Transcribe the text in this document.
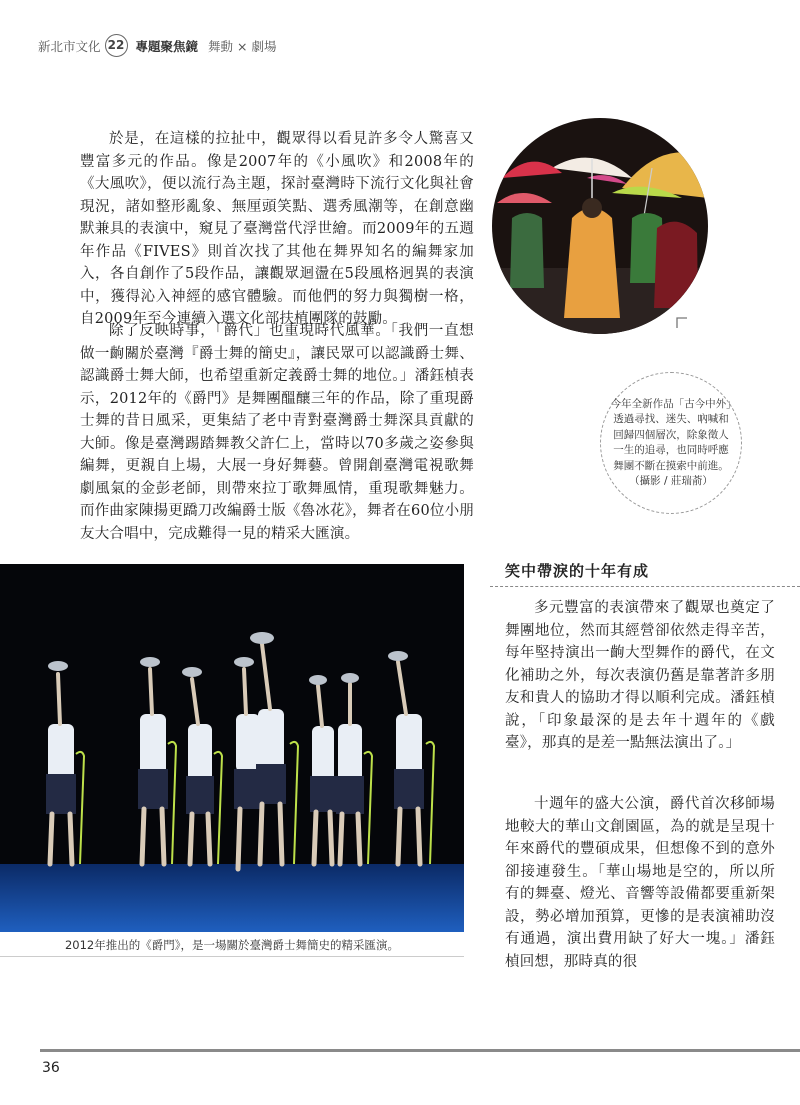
新北市文化 22 專題聚焦鏡 舞動 × 劇場

於是，在這樣的拉扯中，觀眾得以看見許多令人驚喜又豐富多元的作品。像是2007年的《小風吹》和2008年的《大風吹》，便以流行為主題，探討臺灣時下流行文化與社會現況，諸如整形亂象、無厘頭笑點、選秀風潮等，在創意幽默兼具的表演中，窺見了臺灣當代浮世繪。而2009年的五週年作品《FIVES》則首次找了其他在舞界知名的編舞家加入，各自創作了5段作品，讓觀眾迴盪在5段風格迥異的表演中，獲得沁入神經的感官體驗。而他們的努力與獨樹一格，自2009年至今連續入選文化部扶植團隊的鼓勵。

除了反映時事，「爵代」也重現時代風華。「我們一直想做一齣關於臺灣『爵士舞的簡史』，讓民眾可以認識爵士舞、認識爵士舞大師，也希望重新定義爵士舞的地位。」潘鈺楨表示，2012年的《爵門》是舞團醞釀三年的作品，除了重現爵士舞的昔日風采，更集結了老中青對臺灣爵士舞深具貢獻的大師。像是臺灣踢踏舞教父許仁上，當時以70多歲之姿參與編舞，更親自上場，大展一身好舞藝。曾開創臺灣電視歌舞劇風氣的金彭老師，則帶來拉丁歌舞風情，重現歌舞魅力。而作曲家陳揚更蹻刀改編爵士版《魯冰花》，舞者在60位小朋友大合唱中，完成難得一見的精采大匯演。

今年全新作品「古今中外」透過尋找、迷失、吶喊和回歸四個層次，除象徵人一生的追尋，也同時呼應舞團不斷在摸索中前進。（攝影 / 莊瑞萮）
2012年推出的《爵門》，是一場關於臺灣爵士舞簡史的精采匯演。
笑中帶淚的十年有成

多元豐富的表演帶來了觀眾也奠定了舞團地位，然而其經營卻依然走得辛苦，每年堅持演出一齣大型舞作的爵代，在文化補助之外，每次表演仍舊是靠著許多朋友和貴人的協助才得以順利完成。潘鈺楨說，「印象最深的是去年十週年的《戲臺》，那真的是差一點無法演出了。」

十週年的盛大公演，爵代首次移師場地較大的華山文創園區，為的就是呈現十年來爵代的豐碩成果，但想像不到的意外卻接連發生。「華山場地是空的，所以所有的舞臺、燈光、音響等設備都要重新架設，勢必增加預算，更慘的是表演補助沒有通過，演出費用缺了好大一塊。」潘鈺楨回想，那時真的很

36
